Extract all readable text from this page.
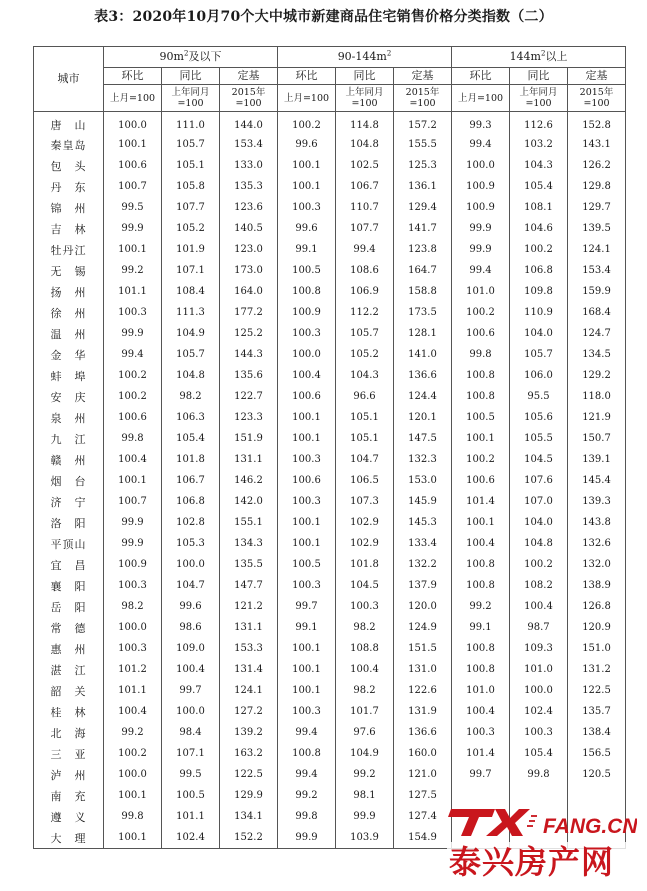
表3：2020年10月70个大中城市新建商品住宅销售价格分类指数（二）
城市	$90m^2$及以下			$90-144m^2$			$144m^2$以上		
	环比	同比	定基	环比	同比	定基	环比	同比	定基
	上月=100	上年同月=100	2015年=100	上月=100	上年同月=100	2015年=100	上月=100	上年同月=100	2015年=100
唐　山	100.0	111.0	144.0	100.2	114.8	157.2	99.3	112.6	152.8
秦皇岛	100.1	105.7	153.4	99.6	104.8	155.5	99.4	103.2	143.1
包　头	100.6	105.1	133.0	100.1	102.5	125.3	100.0	104.3	126.2
丹　东	100.7	105.8	135.3	100.1	106.7	136.1	100.9	105.4	129.8
锦　州	99.5	107.7	123.6	100.3	110.7	129.4	100.9	108.1	129.7
吉　林	99.9	105.2	140.5	99.6	107.7	141.7	99.9	104.6	139.5
牡丹江	100.1	101.9	123.0	99.1	99.4	123.8	99.9	100.2	124.1
无　锡	99.2	107.1	173.0	100.5	108.6	164.7	99.4	106.8	153.4
扬　州	101.1	108.4	164.0	100.8	106.9	158.8	101.0	109.8	159.9
徐　州	100.3	111.3	177.2	100.9	112.2	173.5	100.2	110.9	168.4
温　州	99.9	104.9	125.2	100.3	105.7	128.1	100.6	104.0	124.7
金　华	99.4	105.7	144.3	100.0	105.2	141.0	99.8	105.7	134.5
蚌　埠	100.2	104.8	135.6	100.4	104.3	136.6	100.8	106.0	129.2
安　庆	100.2	98.2	122.7	100.6	96.6	124.4	100.8	95.5	118.0
泉　州	100.6	106.3	123.3	100.1	105.1	120.1	100.5	105.6	121.9
九　江	99.8	105.4	151.9	100.1	105.1	147.5	100.1	105.5	150.7
赣　州	100.4	101.8	131.1	100.3	104.7	132.3	100.2	104.5	139.1
烟　台	100.1	106.7	146.2	100.6	106.5	153.0	100.6	107.6	145.4
济　宁	100.7	106.8	142.0	100.3	107.3	145.9	101.4	107.0	139.3
洛　阳	99.9	102.8	155.1	100.1	102.9	145.3	100.1	104.0	143.8
平顶山	99.9	105.3	134.3	100.1	102.9	133.4	100.4	104.8	132.6
宜　昌	100.9	100.0	135.5	100.5	101.8	132.2	100.8	100.2	132.0
襄　阳	100.3	104.7	147.7	100.3	104.5	137.9	100.8	108.2	138.9
岳　阳	98.2	99.6	121.2	99.7	100.3	120.0	99.2	100.4	126.8
常　德	100.0	98.6	131.1	99.1	98.2	124.9	99.1	98.7	120.9
惠　州	100.3	109.0	153.3	100.1	108.8	151.5	100.8	109.3	151.0
湛　江	101.2	100.4	131.4	100.1	100.4	131.0	100.8	101.0	131.2
韶　关	101.1	99.7	124.1	100.1	98.2	122.6	101.0	100.0	122.5
桂　林	100.4	100.0	127.2	100.3	101.7	131.9	100.4	102.4	135.7
北　海	99.2	98.4	139.2	99.4	97.6	136.6	100.3	100.3	138.4
三　亚	100.2	107.1	163.2	100.8	104.9	160.0	101.4	105.4	156.5
泸　州	100.0	99.5	122.5	99.4	99.2	121.0	99.7	99.8	120.5
南　充	100.1	100.5	129.9	99.2	98.1	127.5			
遵　义	99.8	101.1	134.1	99.8	99.9	127.4			
大　理	100.1	102.4	152.2	99.9	103.9	154.9				FANG.CN
泰兴房产网
